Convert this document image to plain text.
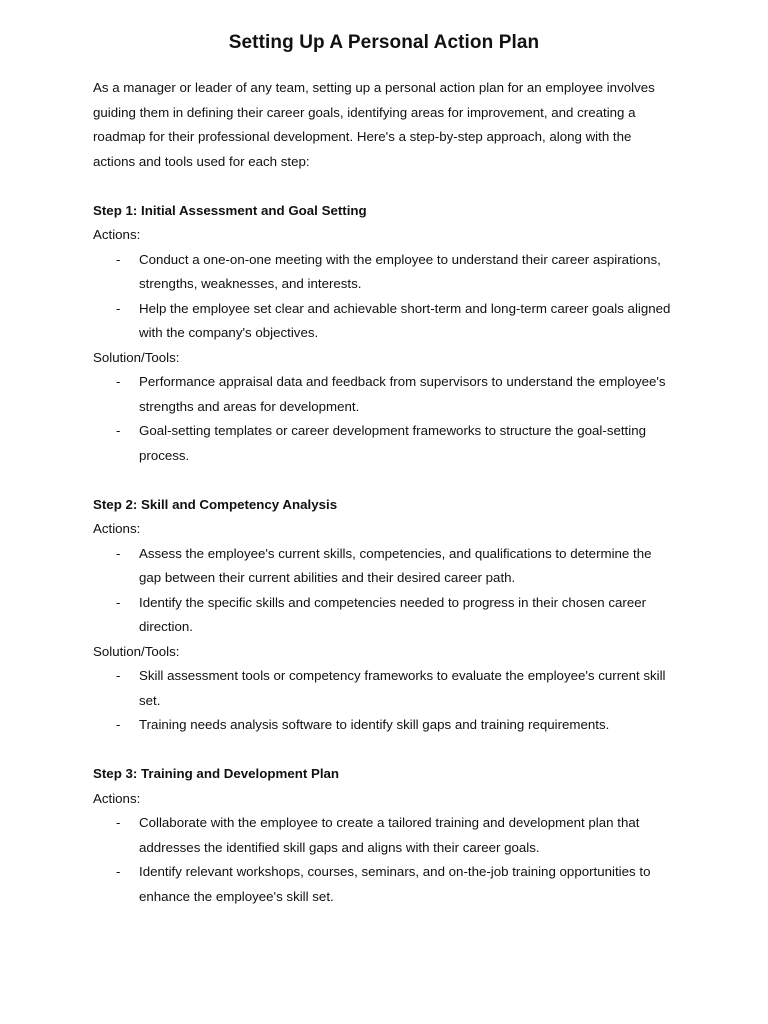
Setting Up A Personal Action Plan

As a manager or leader of any team, setting up a personal action plan for an employee involves guiding them in defining their career goals, identifying areas for improvement, and creating a roadmap for their professional development. Here's a step-by-step approach, along with the actions and tools used for each step:

Step 1: Initial Assessment and Goal Setting

Actions:

- Conduct a one-on-one meeting with the employee to understand their career aspirations, strengths, weaknesses, and interests.
- Help the employee set clear and achievable short-term and long-term career goals aligned with the company's objectives.

Solution/Tools:

- Performance appraisal data and feedback from supervisors to understand the employee's strengths and areas for development.
- Goal-setting templates or career development frameworks to structure the goal-setting process.

Step 2: Skill and Competency Analysis

Actions:

- Assess the employee's current skills, competencies, and qualifications to determine the gap between their current abilities and their desired career path.
- Identify the specific skills and competencies needed to progress in their chosen career direction.

Solution/Tools:

- Skill assessment tools or competency frameworks to evaluate the employee's current skill set.
- Training needs analysis software to identify skill gaps and training requirements.

Step 3: Training and Development Plan

Actions:

- Collaborate with the employee to create a tailored training and development plan that addresses the identified skill gaps and aligns with their career goals.
- Identify relevant workshops, courses, seminars, and on-the-job training opportunities to enhance the employee's skill set.
